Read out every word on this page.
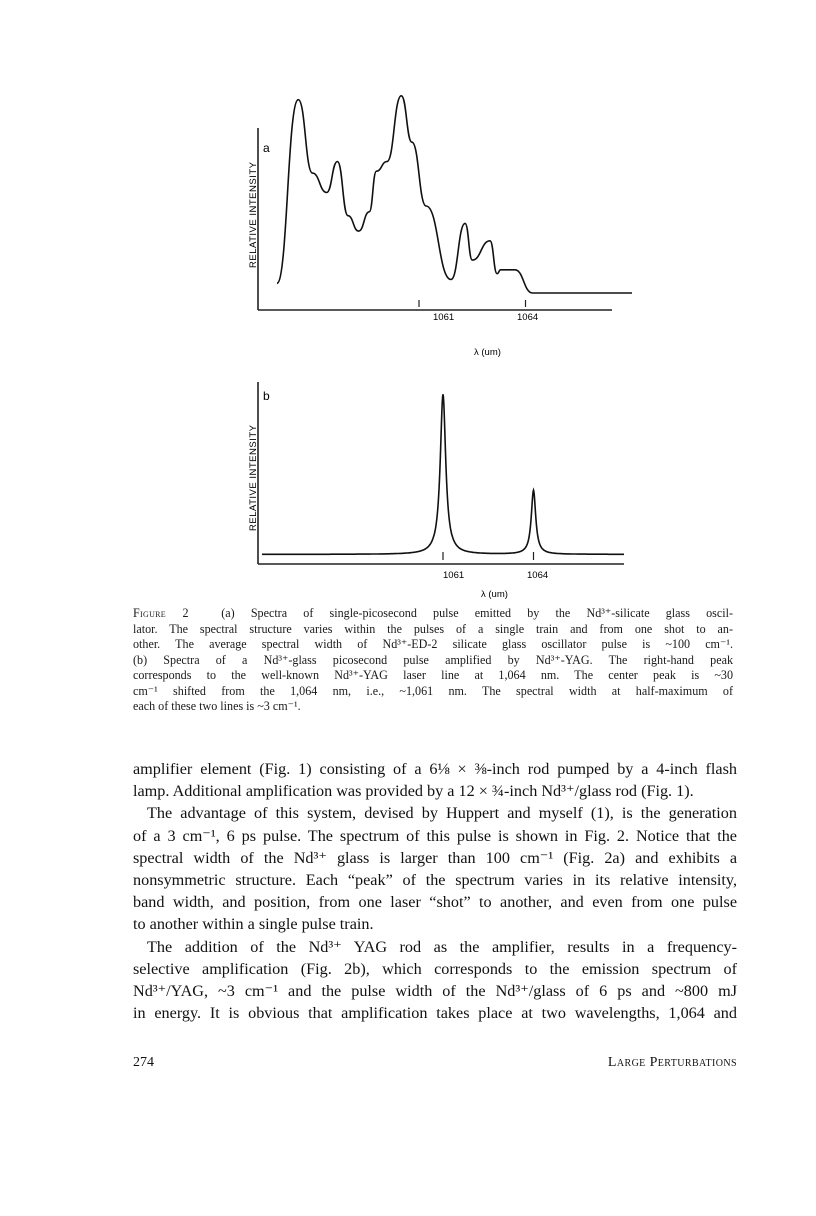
a
RELATIVE INTENSITY
1061	1064
λ (um)
b
RELATIVE INTENSITY
1061	1064
λ (um)
Figure 2	(a) Spectra of single-picosecond pulse emitted by the Nd³⁺-silicate glass oscil-
lator. The spectral structure varies within the pulses of a single train and from one shot to an-
other. The average spectral width of Nd³⁺-ED-2 silicate glass oscillator pulse is ~100 cm⁻¹.
(b) Spectra of a Nd³⁺-glass picosecond pulse amplified by Nd³⁺-YAG. The right-hand peak
corresponds to the well-known Nd³⁺-YAG laser line at 1,064 nm. The center peak is ~30
cm⁻¹ shifted from the 1,064 nm, i.e., ~1,061 nm. The spectral width at half-maximum of
each of these two lines is ~3 cm⁻¹.
amplifier element (Fig. 1) consisting of a 6⅛ × ⅜-inch rod pumped by a 4-inch flash
lamp. Additional amplification was provided by a 12 × ¾-inch Nd³⁺/glass rod (Fig. 1).
The advantage of this system, devised by Huppert and myself (1), is the generation
of a 3 cm⁻¹, 6 ps pulse. The spectrum of this pulse is shown in Fig. 2. Notice that the
spectral width of the Nd³⁺ glass is larger than 100 cm⁻¹ (Fig. 2a) and exhibits a
nonsymmetric structure. Each “peak” of the spectrum varies in its relative intensity,
band width, and position, from one laser “shot” to another, and even from one pulse
to another within a single pulse train.
The addition of the Nd³⁺ YAG rod as the amplifier, results in a frequency-
selective amplification (Fig. 2b), which corresponds to the emission spectrum of
Nd³⁺/YAG, ~3 cm⁻¹ and the pulse width of the Nd³⁺/glass of 6 ps and ~800 mJ
in energy. It is obvious that amplification takes place at two wavelengths, 1,064 and
274	Large Perturbations
